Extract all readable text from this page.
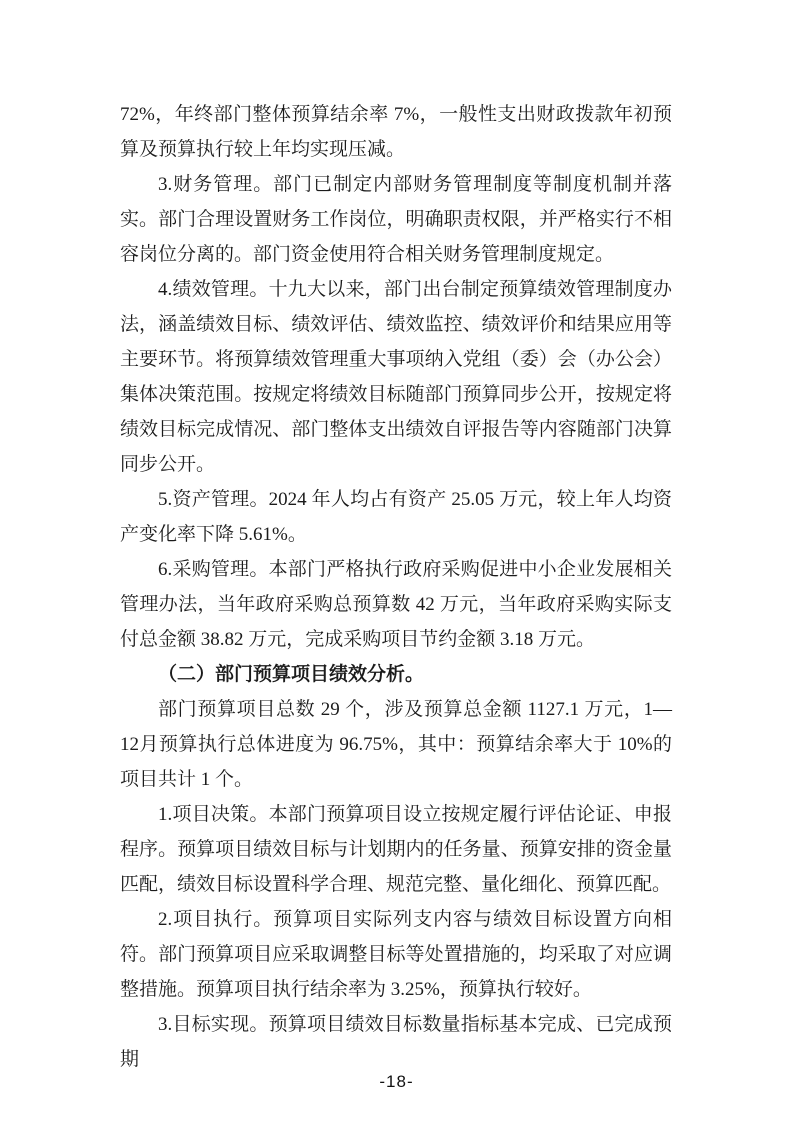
72%，年终部门整体预算结余率 7%，一般性支出财政拨款年初预算及预算执行较上年均实现压减。

3.财务管理。部门已制定内部财务管理制度等制度机制并落实。部门合理设置财务工作岗位，明确职责权限，并严格实行不相容岗位分离的。部门资金使用符合相关财务管理制度规定。

4.绩效管理。十九大以来，部门出台制定预算绩效管理制度办法，涵盖绩效目标、绩效评估、绩效监控、绩效评价和结果应用等主要环节。将预算绩效管理重大事项纳入党组（委）会（办公会）集体决策范围。按规定将绩效目标随部门预算同步公开，按规定将绩效目标完成情况、部门整体支出绩效自评报告等内容随部门决算同步公开。

5.资产管理。2024 年人均占有资产 25.05 万元，较上年人均资产变化率下降 5.61%。

6.采购管理。本部门严格执行政府采购促进中小企业发展相关管理办法，当年政府采购总预算数 42 万元，当年政府采购实际支付总金额 38.82 万元，完成采购项目节约金额 3.18 万元。

（二）部门预算项目绩效分析。

部门预算项目总数 29 个，涉及预算总金额 1127.1 万元，1—12月预算执行总体进度为 96.75%，其中：预算结余率大于 10%的项目共计 1 个。

1.项目决策。本部门预算项目设立按规定履行评估论证、申报程序。预算项目绩效目标与计划期内的任务量、预算安排的资金量匹配，绩效目标设置科学合理、规范完整、量化细化、预算匹配。

2.项目执行。预算项目实际列支内容与绩效目标设置方向相符。部门预算项目应采取调整目标等处置措施的，均采取了对应调整措施。预算项目执行结余率为 3.25%，预算执行较好。

3.目标实现。预算项目绩效目标数量指标基本完成、已完成预期

-18-
